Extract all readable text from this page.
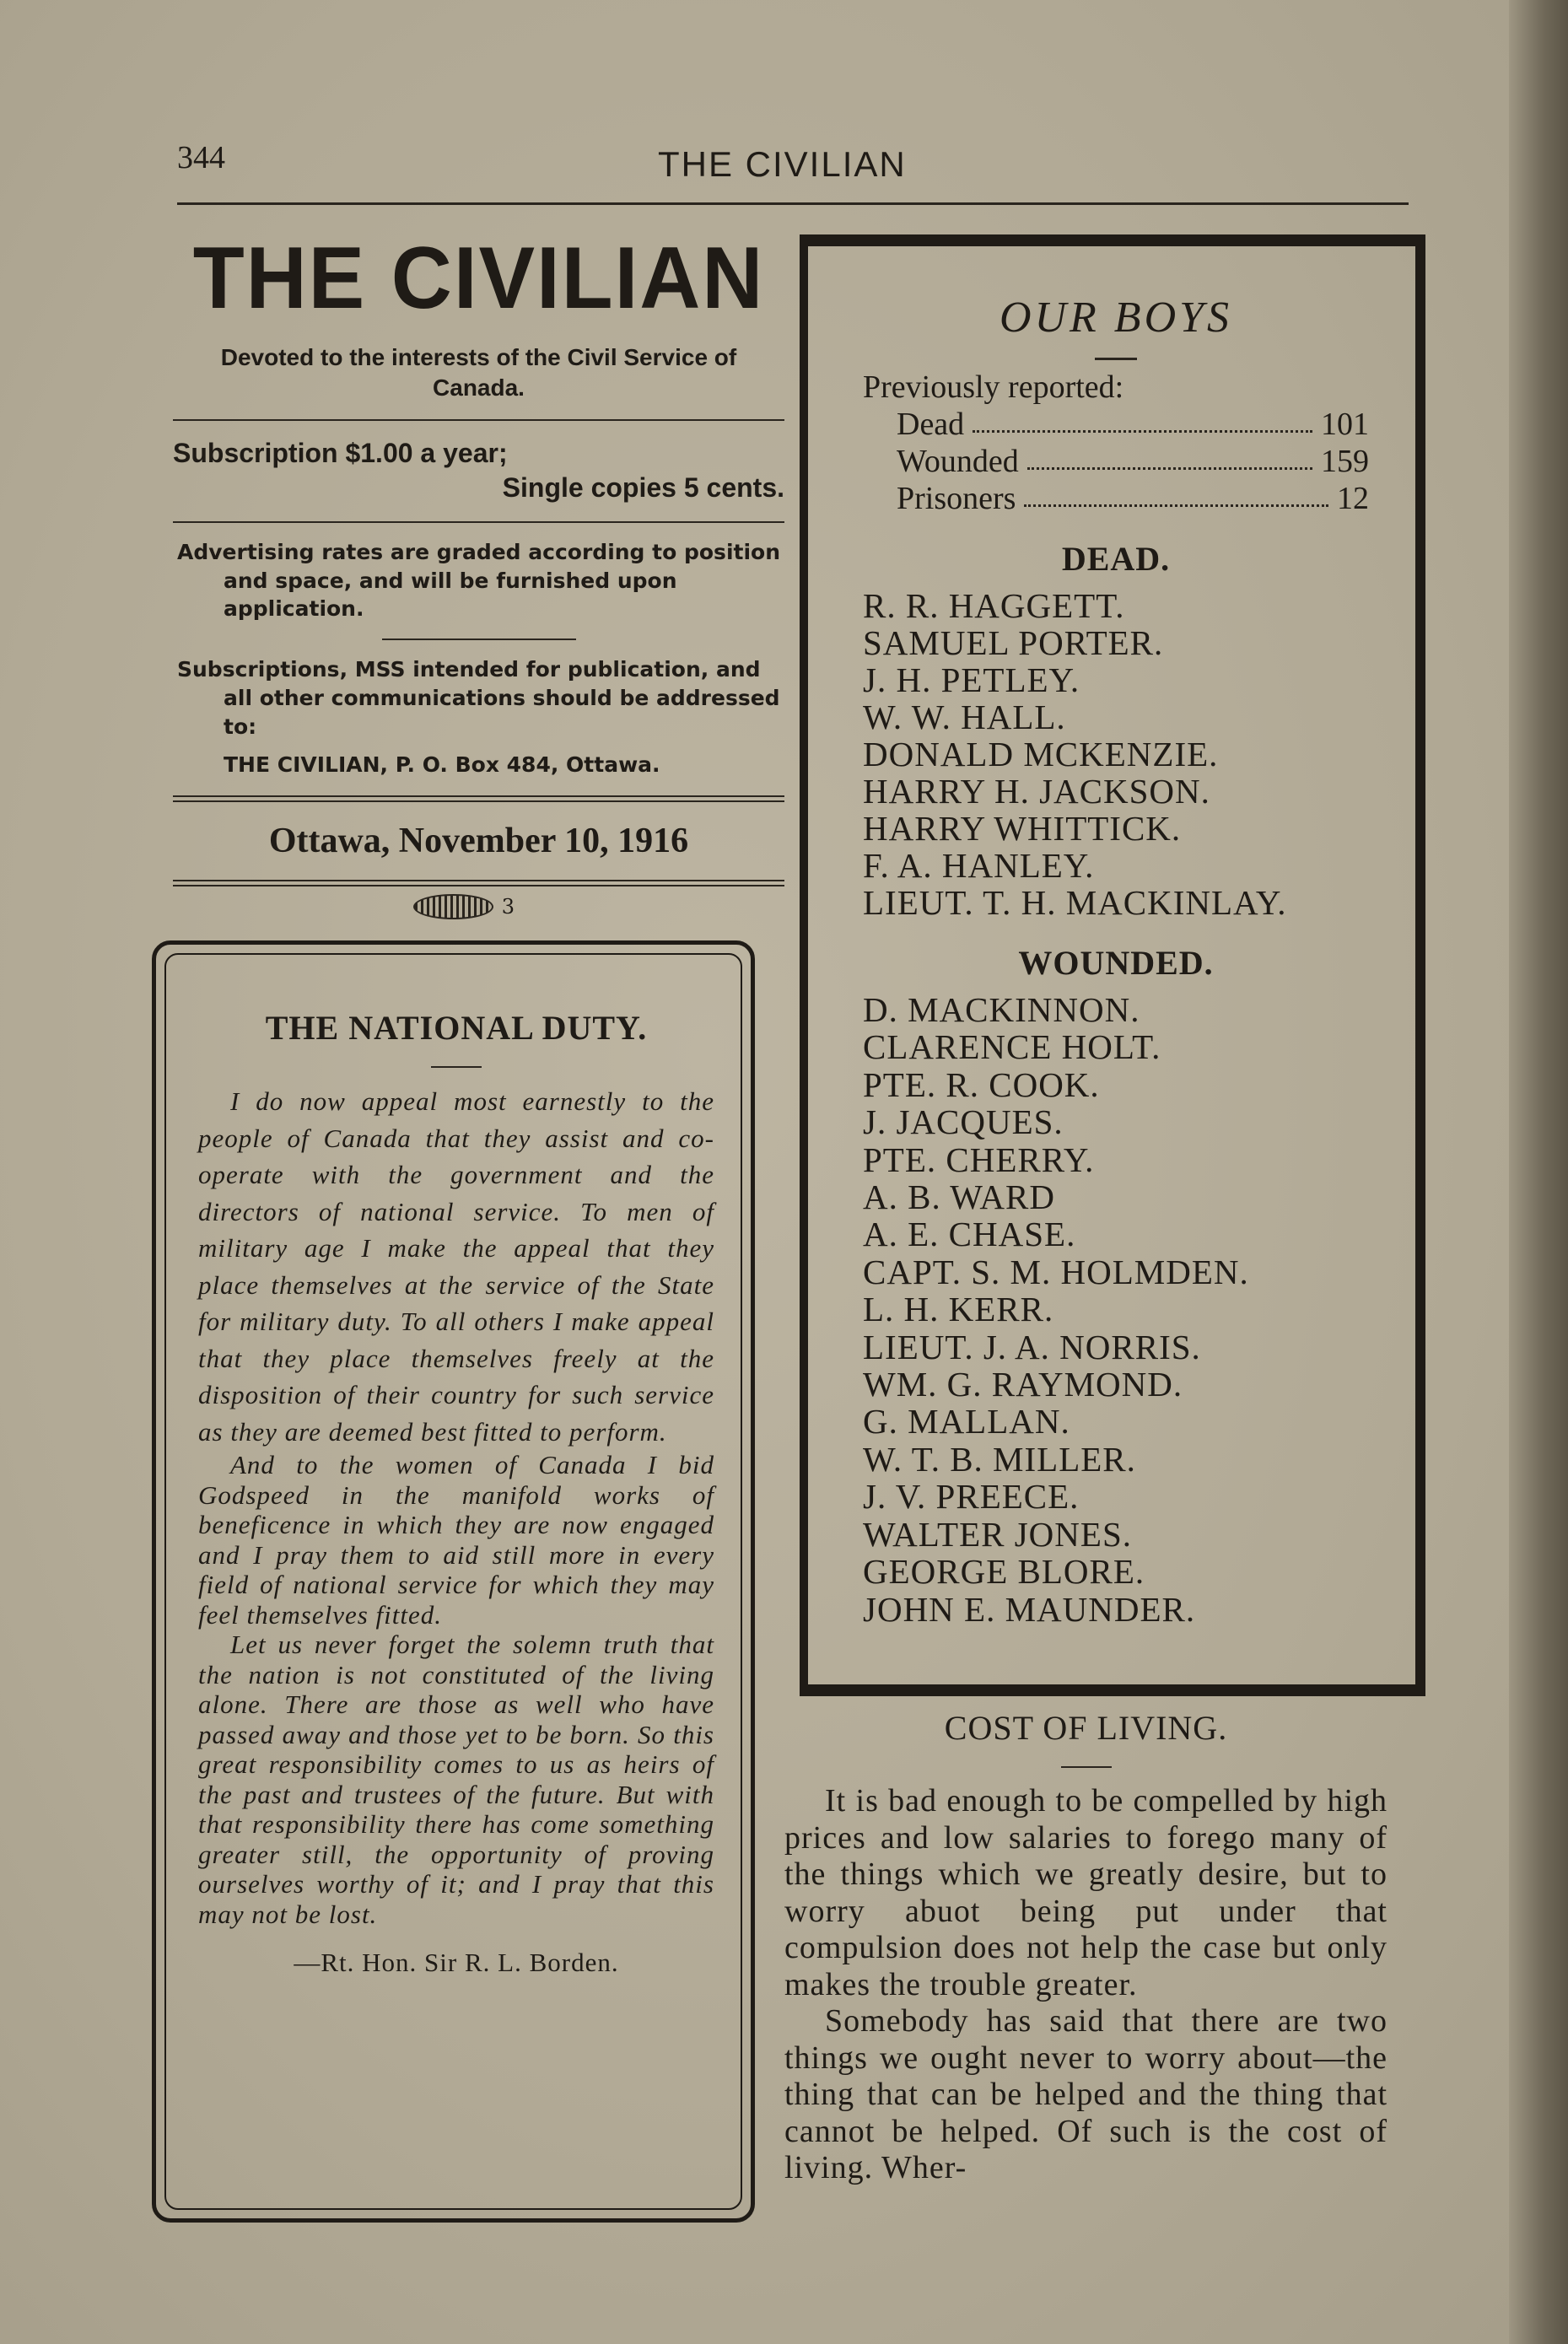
344	THE CIVILIAN
THE CIVILIAN
Devoted to the interests of the Civil Service of Canada.
Subscription $1.00 a year;
Single copies 5 cents.
Advertising rates are graded according to position and space, and will be furnished upon application.
Subscriptions, MSS intended for publication, and all other communications should be addressed to:
THE CIVILIAN, P. O. Box 484, Ottawa.
Ottawa, November 10, 1916
3
THE NATIONAL DUTY.

I do now appeal most earnestly to the people of Canada that they assist and co-operate with the government and the directors of national service. To men of military age I make the appeal that they place themselves at the service of the State for military duty. To all others I make appeal that they place themselves freely at the disposition of their country for such service as they are deemed best fitted to perform.

And to the women of Canada I bid Godspeed in the manifold works of beneficence in which they are now engaged and I pray them to aid still more in every field of national service for which they may feel themselves fitted.

Let us never forget the solemn truth that the nation is not constituted of the living alone. There are those as well who have passed away and those yet to be born. So this great responsibility comes to us as heirs of the past and trustees of the future. But with that responsibility there has come something greater still, the opportunity of proving ourselves worthy of it; and I pray that this may not be lost.

—Rt. Hon. Sir R. L. Borden.
OUR BOYS
Previously reported:
Dead	101
Wounded	159
Prisoners	12
DEAD.
R. R. HAGGETT.
SAMUEL PORTER.
J. H. PETLEY.
W. W. HALL.
DONALD MCKENZIE.
HARRY H. JACKSON.
HARRY WHITTICK.
F. A. HANLEY.
LIEUT. T. H. MACKINLAY.
WOUNDED.
D. MACKINNON.
CLARENCE HOLT.
PTE. R. COOK.
J. JACQUES.
PTE. CHERRY.
A. B. WARD
A. E. CHASE.
CAPT. S. M. HOLMDEN.
L. H. KERR.
LIEUT. J. A. NORRIS.
WM. G. RAYMOND.
G. MALLAN.
W. T. B. MILLER.
J. V. PREECE.
WALTER JONES.
GEORGE BLORE.
JOHN E. MAUNDER.
COST OF LIVING.

It is bad enough to be compelled by high prices and low salaries to forego many of the things which we greatly desire, but to worry abuot being put under that compulsion does not help the case but only makes the trouble greater.

Somebody has said that there are two things we ought never to worry about—the thing that can be helped and the thing that cannot be helped. Of such is the cost of living. Wher-
